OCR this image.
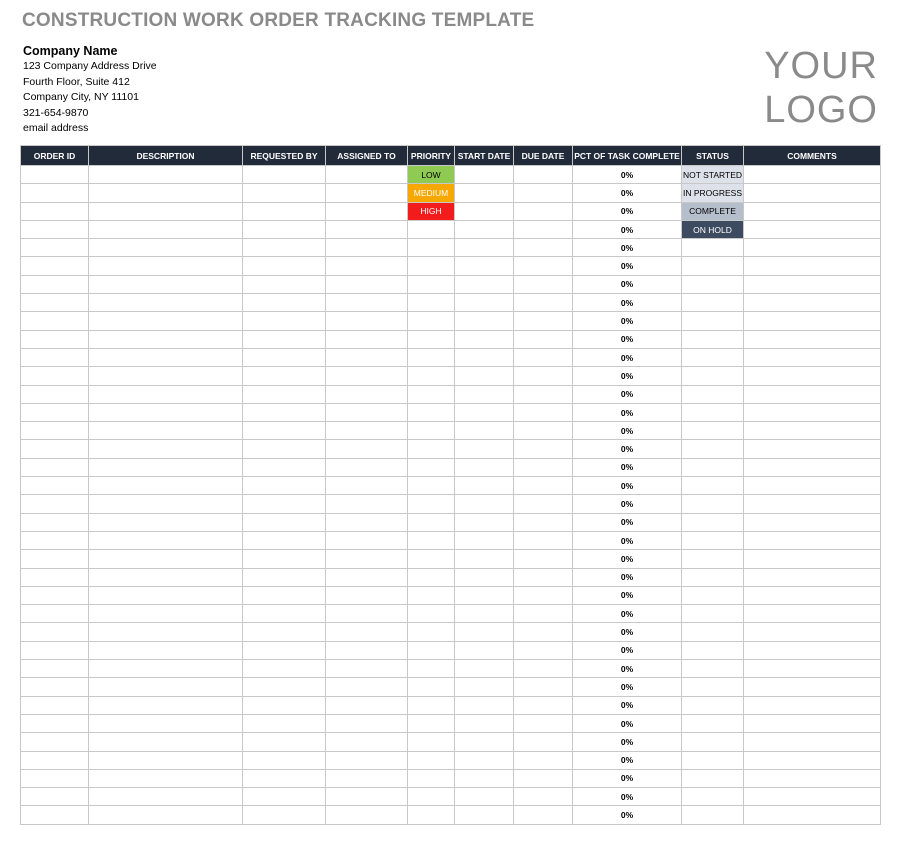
CONSTRUCTION WORK ORDER TRACKING TEMPLATE
Company Name
123 Company Address Drive
Fourth Floor, Suite 412
Company City, NY 11101
321-654-9870
email address
YOUR
LOGO
ORDER ID	DESCRIPTION	REQUESTED BY	ASSIGNED TO	PRIORITY	START DATE	DUE DATE	PCT OF TASK COMPLETE	STATUS	COMMENTS
				LOW			0%	NOT STARTED	
				MEDIUM			0%	IN PROGRESS	
				HIGH			0%	COMPLETE	
							0%	ON HOLD	
							0%		
							0%		
							0%		
							0%		
							0%		
							0%		
							0%		
							0%		
							0%		
							0%		
							0%		
							0%		
							0%		
							0%		
							0%		
							0%		
							0%		
							0%		
							0%		
							0%		
							0%		
							0%		
							0%		
							0%		
							0%		
							0%		
							0%		
							0%		
							0%		
							0%		
							0%		
							0%		
